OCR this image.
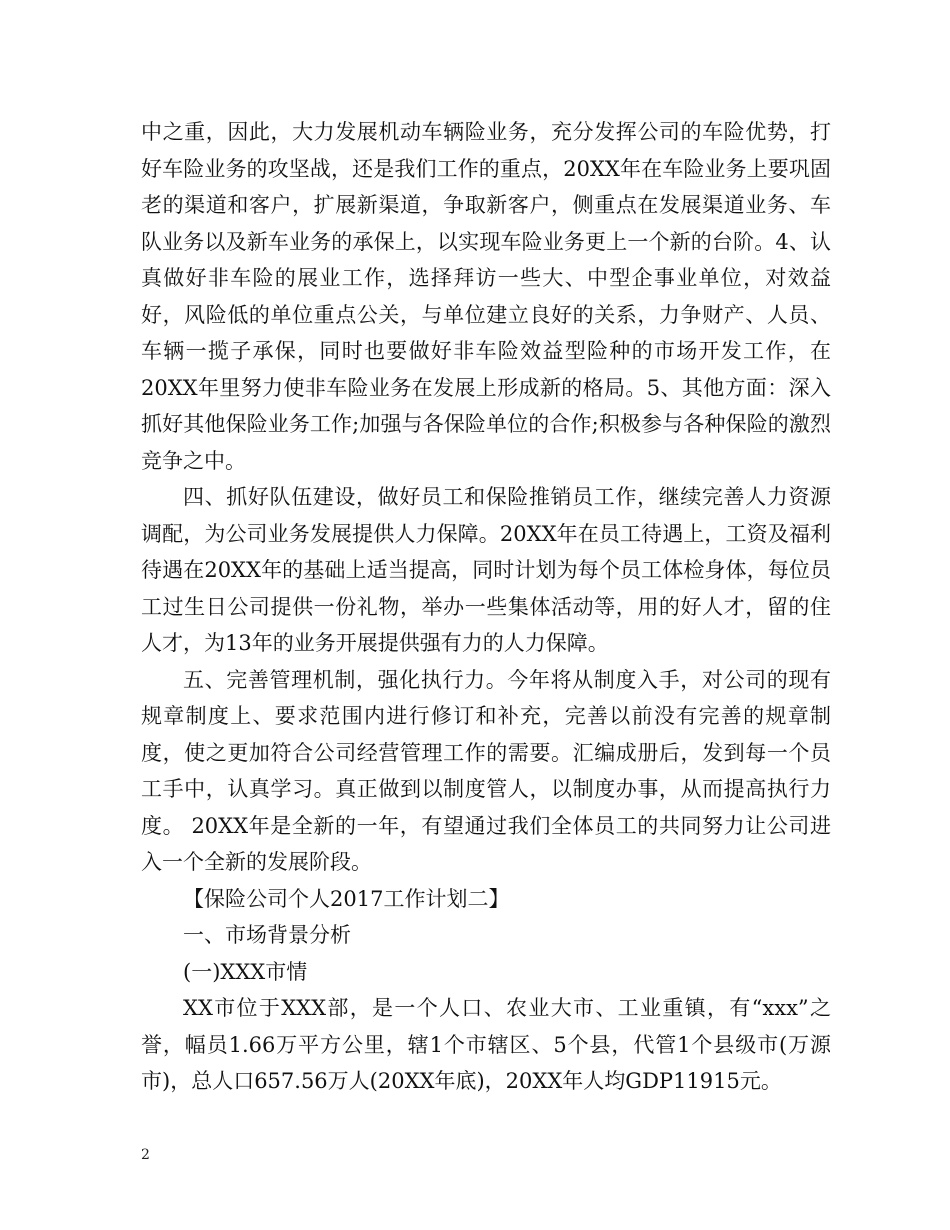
中之重，因此，大力发展机动车辆险业务，充分发挥公司的车险优势，打好车险业务的攻坚战，还是我们工作的重点，20XX年在车险业务上要巩固老的渠道和客户，扩展新渠道，争取新客户，侧重点在发展渠道业务、车队业务以及新车业务的承保上，以实现车险业务更上一个新的台阶。4、认真做好非车险的展业工作，选择拜访一些大、中型企事业单位，对效益好，风险低的单位重点公关，与单位建立良好的关系，力争财产、人员、车辆一揽子承保，同时也要做好非车险效益型险种的市场开发工作，在20XX年里努力使非车险业务在发展上形成新的格局。5、其他方面：深入抓好其他保险业务工作;加强与各保险单位的合作;积极参与各种保险的激烈竞争之中。

四、抓好队伍建设，做好员工和保险推销员工作，继续完善人力资源调配，为公司业务发展提供人力保障。20XX年在员工待遇上，工资及福利待遇在20XX年的基础上适当提高，同时计划为每个员工体检身体，每位员工过生日公司提供一份礼物，举办一些集体活动等，用的好人才，留的住人才，为13年的业务开展提供强有力的人力保障。

五、完善管理机制，强化执行力。今年将从制度入手，对公司的现有规章制度上、要求范围内进行修订和补充，完善以前没有完善的规章制度，使之更加符合公司经营管理工作的需要。汇编成册后，发到每一个员工手中，认真学习。真正做到以制度管人，以制度办事，从而提高执行力度。 20XX年是全新的一年，有望通过我们全体员工的共同努力让公司进入一个全新的发展阶段。

【保险公司个人2017工作计划二】

一、市场背景分析

(一)XXX市情

XX市位于XXX部，是一个人口、农业大市、工业重镇，有“xxx”之誉，幅员1.66万平方公里，辖1个市辖区、5个县，代管1个县级市(万源市)，总人口657.56万人(20XX年底)，20XX年人均GDP11915元。

2
